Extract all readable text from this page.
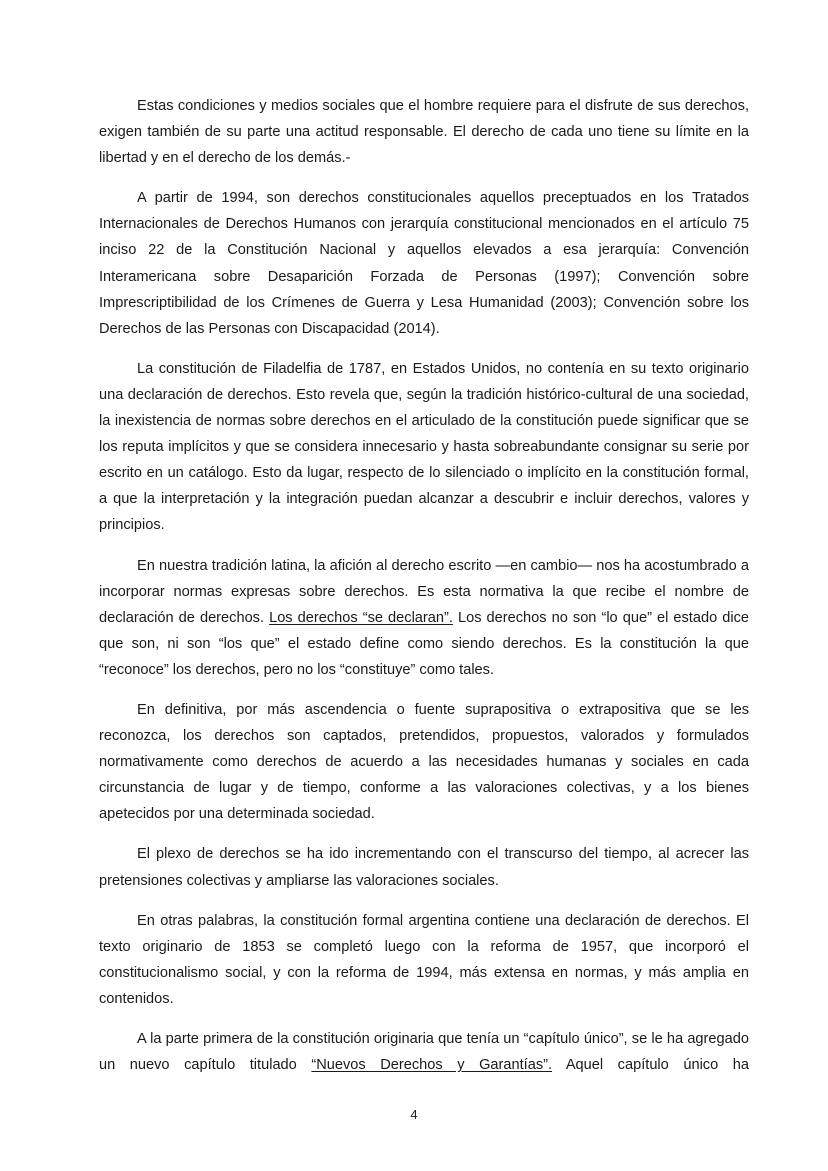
Estas condiciones y medios sociales que el hombre requiere para el disfrute de sus derechos, exigen también de su parte una actitud responsable. El derecho de cada uno tiene su límite en la libertad y en el derecho de los demás.-

A partir de 1994, son derechos constitucionales aquellos preceptuados en los Tratados Internacionales de Derechos Humanos con jerarquía constitucional mencionados en el artículo 75 inciso 22 de la Constitución Nacional y aquellos elevados a esa jerarquía: Convención Interamericana sobre Desaparición Forzada de Personas (1997); Convención sobre Imprescriptibilidad de los Crímenes de Guerra y Lesa Humanidad (2003); Convención sobre los Derechos de las Personas con Discapacidad (2014).

La constitución de Filadelfia de 1787, en Estados Unidos, no contenía en su texto originario una declaración de derechos. Esto revela que, según la tradición histórico-cultural de una sociedad, la inexistencia de normas sobre derechos en el articulado de la constitución puede significar que se los reputa implícitos y que se considera innecesario y hasta sobreabundante consignar su serie por escrito en un catálogo. Esto da lugar, respecto de lo silenciado o implícito en la constitución formal, a que la interpretación y la integración puedan alcanzar a descubrir e incluir derechos, valores y principios.

En nuestra tradición latina, la afición al derecho escrito —en cambio— nos ha acostumbrado a incorporar normas expresas sobre derechos. Es esta normativa la que recibe el nombre de declaración de derechos. Los derechos “se declaran”. Los derechos no son “lo que” el estado dice que son, ni son “los que” el estado define como siendo derechos. Es la constitución la que “reconoce” los derechos, pero no los “constituye” como tales.

En definitiva, por más ascendencia o fuente suprapositiva o extrapositiva que se les reconozca, los derechos son captados, pretendidos, propuestos, valorados y formulados normativamente como derechos de acuerdo a las necesidades humanas y sociales en cada circunstancia de lugar y de tiempo, conforme a las valoraciones colectivas, y a los bienes apetecidos por una determinada sociedad.

El plexo de derechos se ha ido incrementando con el transcurso del tiempo, al acrecer las pretensiones colectivas y ampliarse las valoraciones sociales.

En otras palabras, la constitución formal argentina contiene una declaración de derechos. El texto originario de 1853 se completó luego con la reforma de 1957, que incorporó el constitucionalismo social, y con la reforma de 1994, más extensa en normas, y más amplia en contenidos.

A la parte primera de la constitución originaria que tenía un “capítulo único”, se le ha agregado un nuevo capítulo titulado “Nuevos Derechos y Garantías”. Aquel capítulo único ha

4
